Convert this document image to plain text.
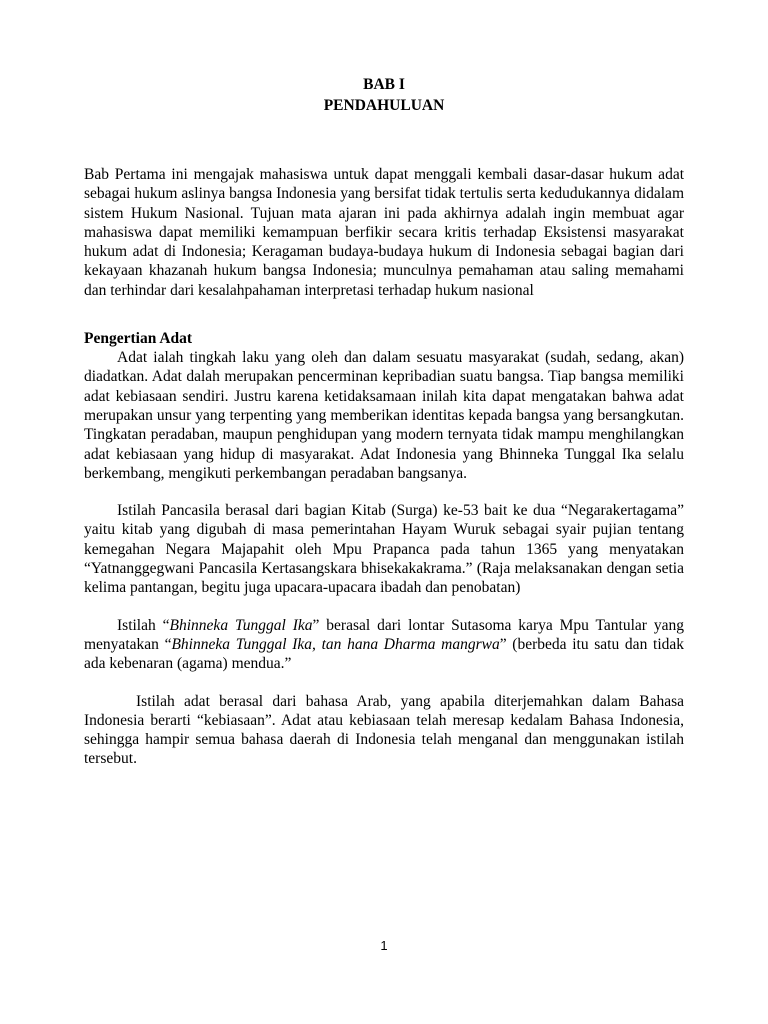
BAB I

PENDAHULUAN

Bab Pertama ini mengajak mahasiswa untuk dapat menggali kembali dasar-dasar hukum adat sebagai hukum aslinya bangsa Indonesia yang bersifat tidak tertulis serta kedudukannya didalam sistem Hukum Nasional. Tujuan mata ajaran ini pada akhirnya adalah ingin membuat agar mahasiswa dapat memiliki kemampuan berfikir secara kritis terhadap Eksistensi masyarakat hukum adat di Indonesia; Keragaman budaya-budaya hukum di Indonesia sebagai bagian dari kekayaan khazanah hukum bangsa Indonesia; munculnya pemahaman atau saling memahami dan terhindar dari kesalahpahaman interpretasi terhadap hukum nasional

Pengertian Adat

Adat ialah tingkah laku yang oleh dan dalam sesuatu masyarakat (sudah, sedang, akan) diadatkan. Adat dalah merupakan pencerminan kepribadian suatu bangsa. Tiap bangsa memiliki adat kebiasaan sendiri. Justru karena ketidaksamaan inilah kita dapat mengatakan bahwa adat merupakan unsur yang terpenting yang memberikan identitas kepada bangsa yang bersangkutan. Tingkatan peradaban, maupun penghidupan yang modern ternyata tidak mampu menghilangkan adat kebiasaan yang hidup di masyarakat. Adat Indonesia yang Bhinneka Tunggal Ika selalu berkembang, mengikuti perkembangan peradaban bangsanya.

Istilah Pancasila berasal dari bagian Kitab (Surga) ke-53 bait ke dua “Negarakertagama” yaitu kitab yang digubah di masa pemerintahan Hayam Wuruk sebagai syair pujian tentang kemegahan Negara Majapahit oleh Mpu Prapanca pada tahun 1365 yang menyatakan “Yatnanggegwani Pancasila Kertasangskara bhisekakakrama.” (Raja melaksanakan dengan setia kelima pantangan, begitu juga upacara-upacara ibadah dan penobatan)

Istilah “Bhinneka Tunggal Ika” berasal dari lontar Sutasoma karya Mpu Tantular yang menyatakan “Bhinneka Tunggal Ika, tan hana Dharma mangrwa” (berbeda itu satu dan tidak ada kebenaran (agama) mendua.”

Istilah adat berasal dari bahasa Arab, yang apabila diterjemahkan dalam Bahasa Indonesia berarti “kebiasaan”. Adat atau kebiasaan telah meresap kedalam Bahasa Indonesia, sehingga hampir semua bahasa daerah di Indonesia telah menganal dan menggunakan istilah tersebut.

1
